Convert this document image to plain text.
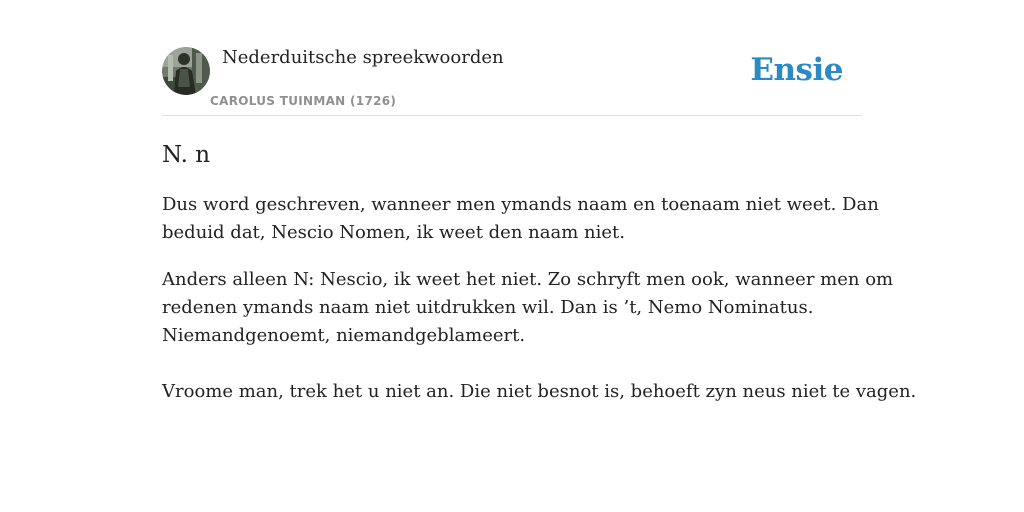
Nederduitsche spreekwoorden
CAROLUS TUINMAN (1726)
Ensie
N. n

Dus word geschreven, wanneer men ymands naam en toenaam niet weet. Dan
beduid dat, Nescio Nomen, ik weet den naam niet.

Anders alleen N: Nescio, ik weet het niet. Zo schryft men ook, wanneer men om
redenen ymands naam niet uitdrukken wil. Dan is ’t, Nemo Nominatus.
Niemandgenoemt, niemandgeblameert.
Vroome man, trek het u niet an. Die niet besnot is, behoeft zyn neus niet te vagen.
